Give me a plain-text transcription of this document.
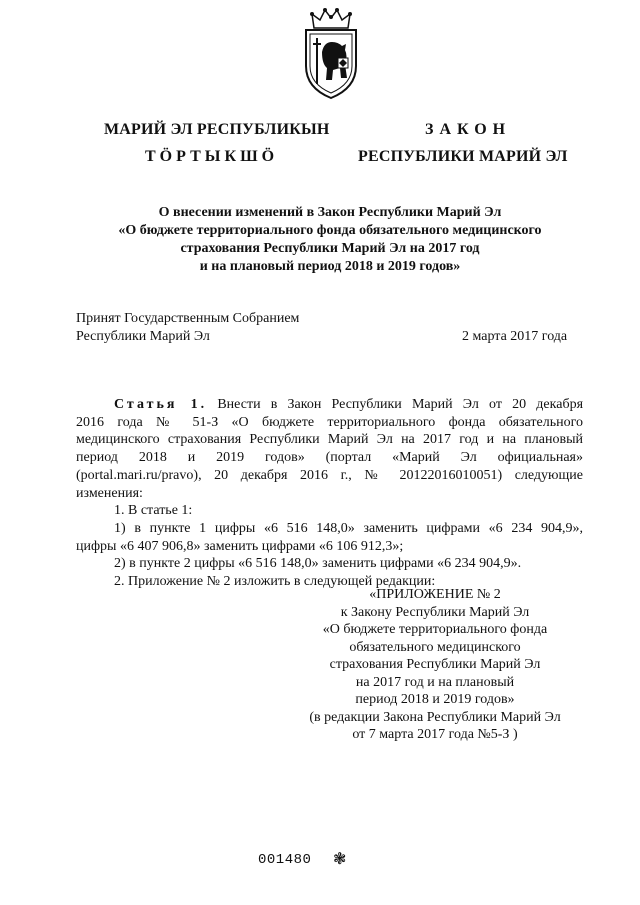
МАРИЙ ЭЛ РЕСПУБЛИКЫН
ТӦРТЫКШӦ
ЗАКОН
РЕСПУБЛИКИ МАРИЙ ЭЛ
О внесении изменений в Закон Республики Марий Эл
«О бюджете территориального фонда обязательного медицинского
страхования Республики Марий Эл на 2017 год
и на плановый период 2018 и 2019 годов»
Принят Государственным Собранием
Республики Марий Эл	2 марта 2017 года
Статья 1. Внести в Закон Республики Марий Эл от 20 декабря
2016 года № 51-З «О бюджете территориального фонда обязательного
медицинского страхования Республики Марий Эл на 2017 год и на плановый
период 2018 и 2019 годов» (портал «Марий Эл официальная»
(portal.mari.ru/pravo), 20 декабря 2016 г., № 20122016010051) следующие
изменения:
1. В статье 1:
1) в пункте 1 цифры «6 516 148,0» заменить цифрами «6 234 904,9»,
цифры «6 407 906,8» заменить цифрами «6 106 912,3»;
2) в пункте 2 цифры «6 516 148,0» заменить цифрами «6 234 904,9».
2. Приложение № 2 изложить в следующей редакции:
«ПРИЛОЖЕНИЕ № 2
к Закону Республики Марий Эл
«О бюджете территориального фонда
обязательного медицинского
страхования Республики Марий Эл
на 2017 год и на плановый
период 2018 и 2019 годов»
(в редакции Закона Республики Марий Эл
от 7 марта 2017 года №5-З )
001480 ❃
